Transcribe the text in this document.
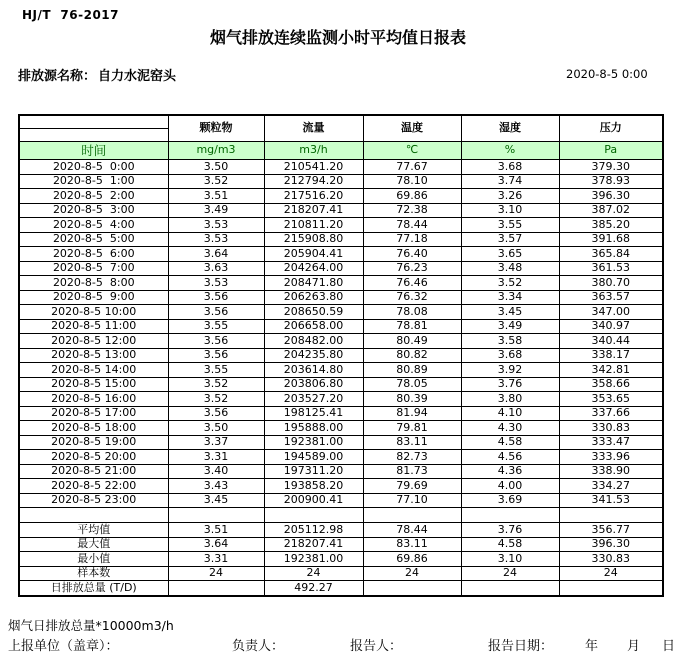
HJ/T  76-2017
烟气排放连续监测小时平均值日报表
排放源名称： 自力水泥窑头	2020-8-5 0:00
	颗粒物	流量	温度	湿度	压力

时间	mg/m3	m3/h	℃	%	Pa
2020-8-5  0:00	3.50	210541.20	77.67	3.68	379.30
2020-8-5  1:00	3.52	212794.20	78.10	3.74	378.93
2020-8-5  2:00	3.51	217516.20	69.86	3.26	396.30
2020-8-5  3:00	3.49	218207.41	72.38	3.10	387.02
2020-8-5  4:00	3.53	210811.20	78.44	3.55	385.20
2020-8-5  5:00	3.53	215908.80	77.18	3.57	391.68
2020-8-5  6:00	3.64	205904.41	76.40	3.65	365.84
2020-8-5  7:00	3.63	204264.00	76.23	3.48	361.53
2020-8-5  8:00	3.53	208471.80	76.46	3.52	380.70
2020-8-5  9:00	3.56	206263.80	76.32	3.34	363.57
2020-8-5 10:00	3.56	208650.59	78.08	3.45	347.00
2020-8-5 11:00	3.55	206658.00	78.81	3.49	340.97
2020-8-5 12:00	3.56	208482.00	80.49	3.58	340.44
2020-8-5 13:00	3.56	204235.80	80.82	3.68	338.17
2020-8-5 14:00	3.55	203614.80	80.89	3.92	342.81
2020-8-5 15:00	3.52	203806.80	78.05	3.76	358.66
2020-8-5 16:00	3.52	203527.20	80.39	3.80	353.65
2020-8-5 17:00	3.56	198125.41	81.94	4.10	337.66
2020-8-5 18:00	3.50	195888.00	79.81	4.30	330.83
2020-8-5 19:00	3.37	192381.00	83.11	4.58	333.47
2020-8-5 20:00	3.31	194589.00	82.73	4.56	333.96
2020-8-5 21:00	3.40	197311.20	81.73	4.36	338.90
2020-8-5 22:00	3.43	193858.20	79.69	4.00	334.27
2020-8-5 23:00	3.45	200900.41	77.10	3.69	341.53

平均值	3.51	205112.98	78.44	3.76	356.77
最大值	3.64	218207.41	83.11	4.58	396.30
最小值	3.31	192381.00	69.86	3.10	330.83
样本数	24	24	24	24	24
日排放总量 (T/D)		492.27			
烟气日排放总量*10000m3/h
上报单位（盖章）：	负责人：	报告人：	报告日期： 年 月 日
